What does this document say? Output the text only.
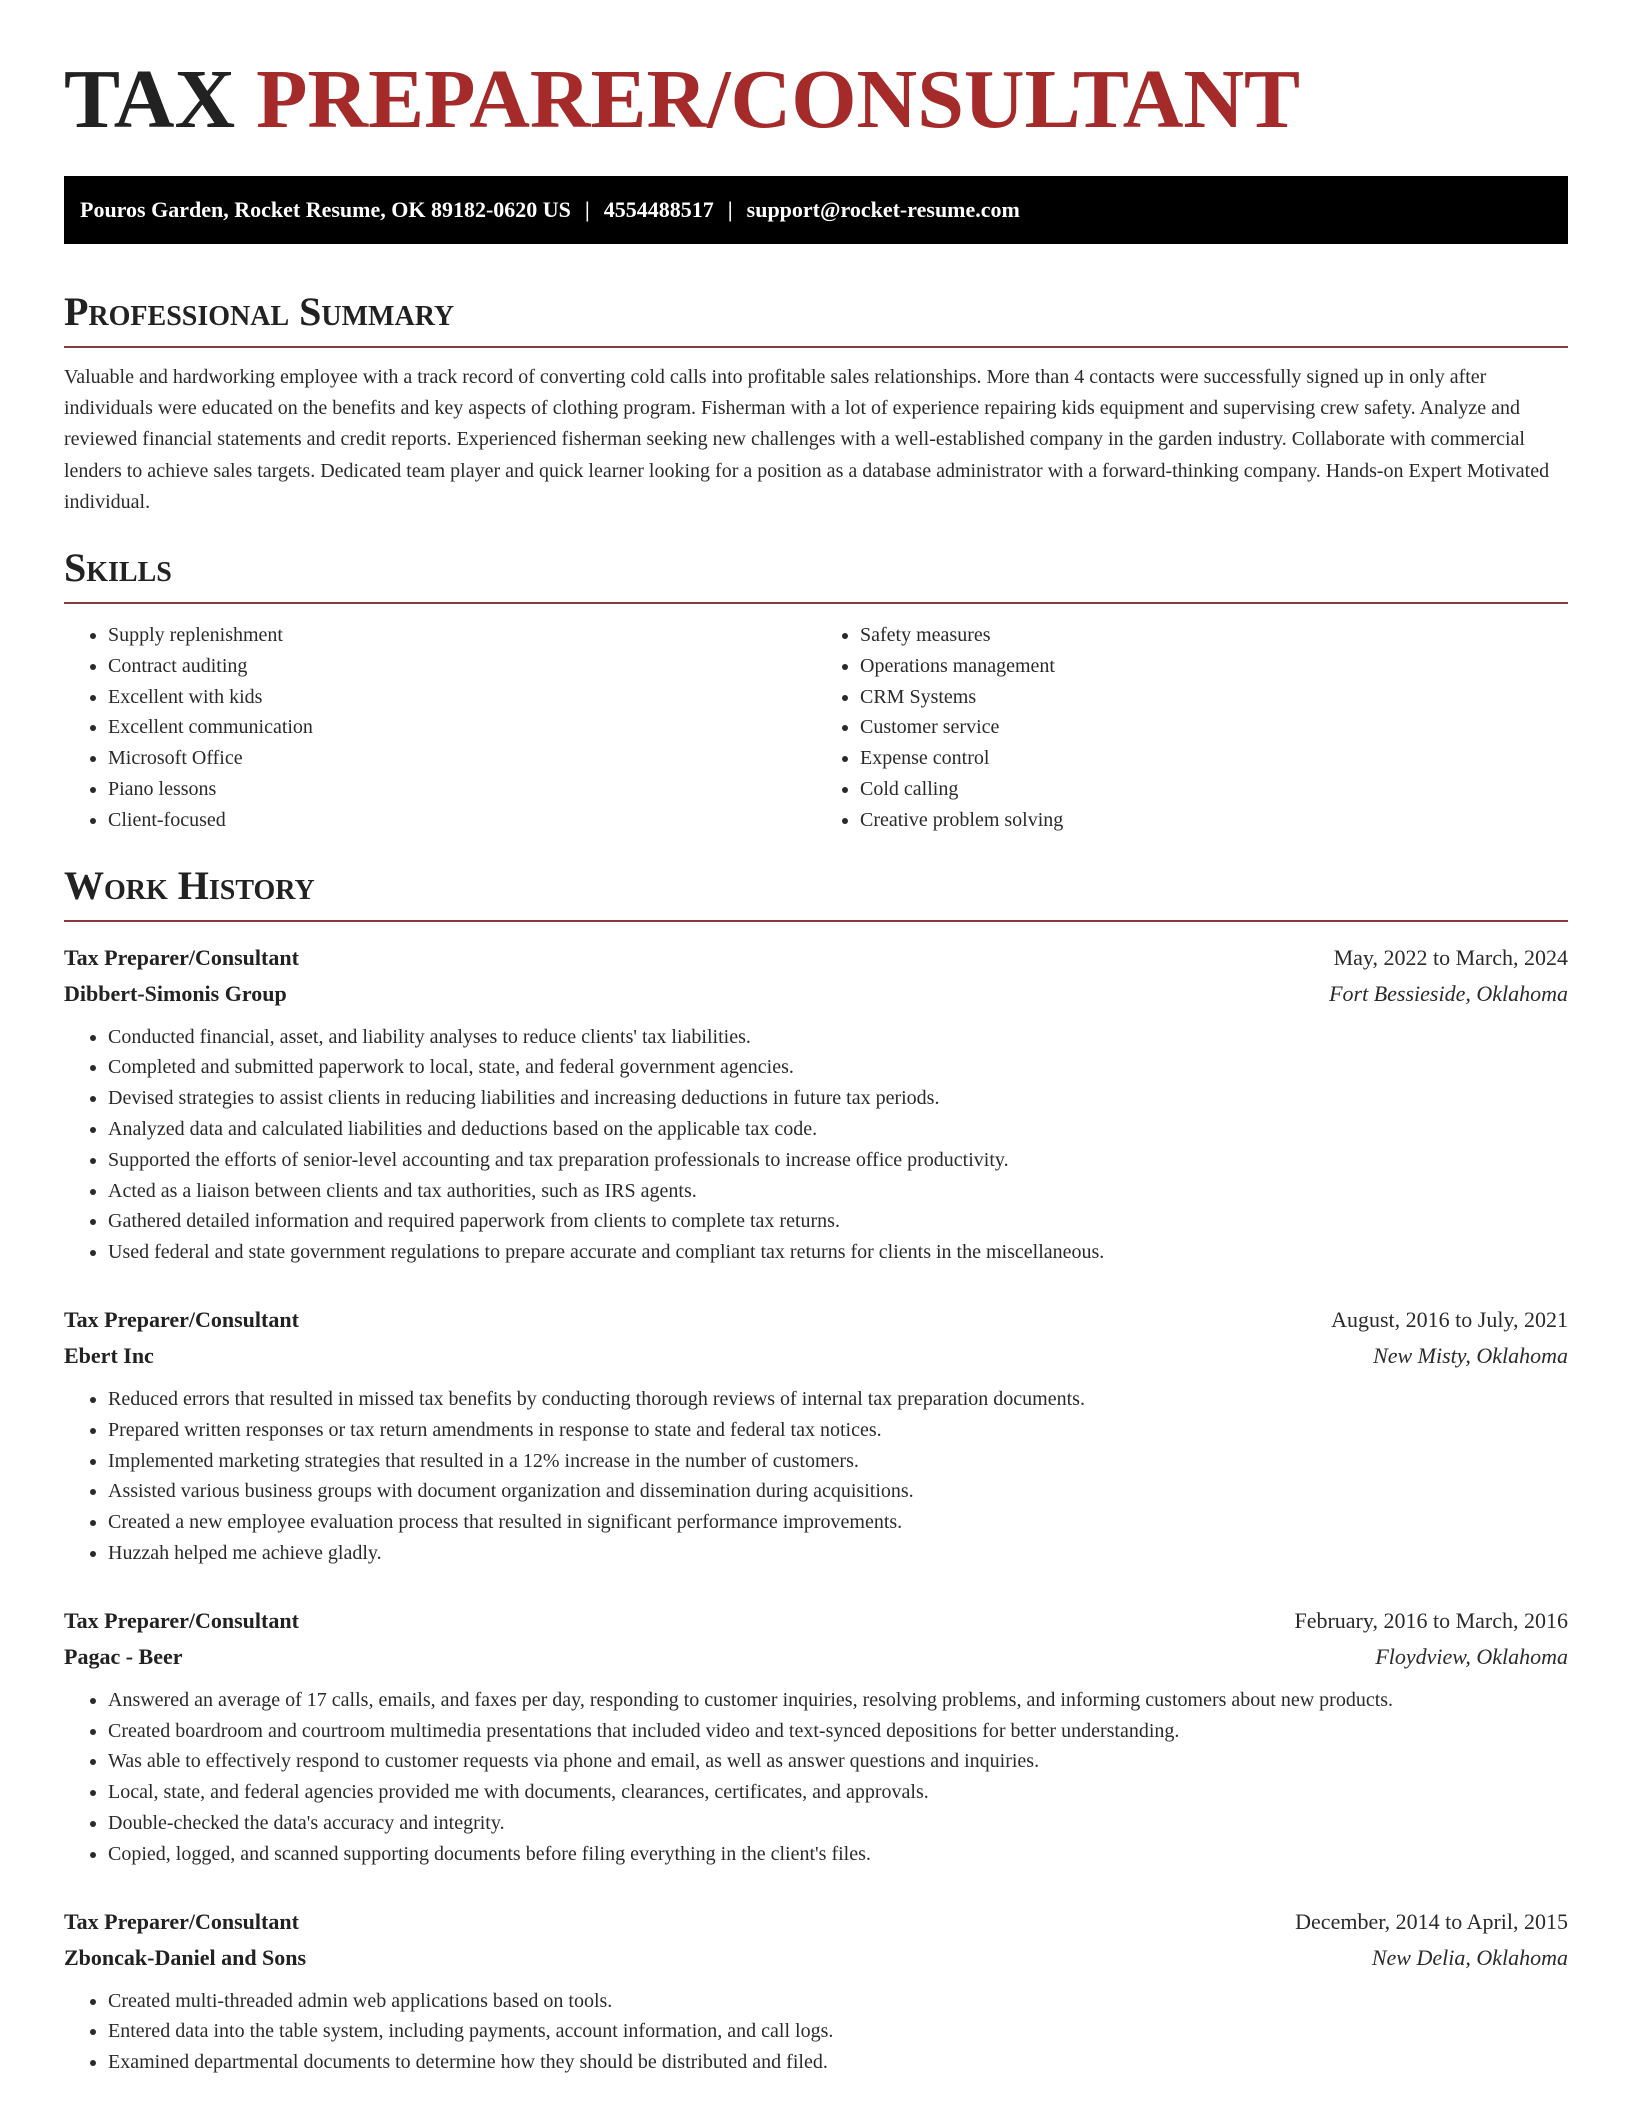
TAX PREPARER/CONSULTANT
Pouros Garden, Rocket Resume, OK 89182-0620 US | 4554488517 | support@rocket-resume.com
Professional Summary

Valuable and hardworking employee with a track record of converting cold calls into profitable sales relationships. More than 4 contacts were successfully signed up in only after individuals were educated on the benefits and key aspects of clothing program. Fisherman with a lot of experience repairing kids equipment and supervising crew safety. Analyze and reviewed financial statements and credit reports. Experienced fisherman seeking new challenges with a well-established company in the garden industry. Collaborate with commercial lenders to achieve sales targets. Dedicated team player and quick learner looking for a position as a database administrator with a forward-thinking company. Hands-on Expert Motivated individual.

Skills
• Supply replenishment
• Contract auditing
• Excellent with kids
• Excellent communication
• Microsoft Office
• Piano lessons
• Client-focused
• Safety measures
• Operations management
• CRM Systems
• Customer service
• Expense control
• Cold calling
• Creative problem solving
Work History
Tax Preparer/Consultant	May, 2022 to March, 2024
Dibbert-Simonis Group	Fort Bessieside, Oklahoma
• Conducted financial, asset, and liability analyses to reduce clients' tax liabilities.
• Completed and submitted paperwork to local, state, and federal government agencies.
• Devised strategies to assist clients in reducing liabilities and increasing deductions in future tax periods.
• Analyzed data and calculated liabilities and deductions based on the applicable tax code.
• Supported the efforts of senior-level accounting and tax preparation professionals to increase office productivity.
• Acted as a liaison between clients and tax authorities, such as IRS agents.
• Gathered detailed information and required paperwork from clients to complete tax returns.
• Used federal and state government regulations to prepare accurate and compliant tax returns for clients in the miscellaneous.
Tax Preparer/Consultant	August, 2016 to July, 2021
Ebert Inc	New Misty, Oklahoma
• Reduced errors that resulted in missed tax benefits by conducting thorough reviews of internal tax preparation documents.
• Prepared written responses or tax return amendments in response to state and federal tax notices.
• Implemented marketing strategies that resulted in a 12% increase in the number of customers.
• Assisted various business groups with document organization and dissemination during acquisitions.
• Created a new employee evaluation process that resulted in significant performance improvements.
• Huzzah helped me achieve gladly.
Tax Preparer/Consultant	February, 2016 to March, 2016
Pagac - Beer	Floydview, Oklahoma
• Answered an average of 17 calls, emails, and faxes per day, responding to customer inquiries, resolving problems, and informing customers about new products.
• Created boardroom and courtroom multimedia presentations that included video and text-synced depositions for better understanding.
• Was able to effectively respond to customer requests via phone and email, as well as answer questions and inquiries.
• Local, state, and federal agencies provided me with documents, clearances, certificates, and approvals.
• Double-checked the data's accuracy and integrity.
• Copied, logged, and scanned supporting documents before filing everything in the client's files.
Tax Preparer/Consultant	December, 2014 to April, 2015
Zboncak-Daniel and Sons	New Delia, Oklahoma
• Created multi-threaded admin web applications based on tools.
• Entered data into the table system, including payments, account information, and call logs.
• Examined departmental documents to determine how they should be distributed and filed.
